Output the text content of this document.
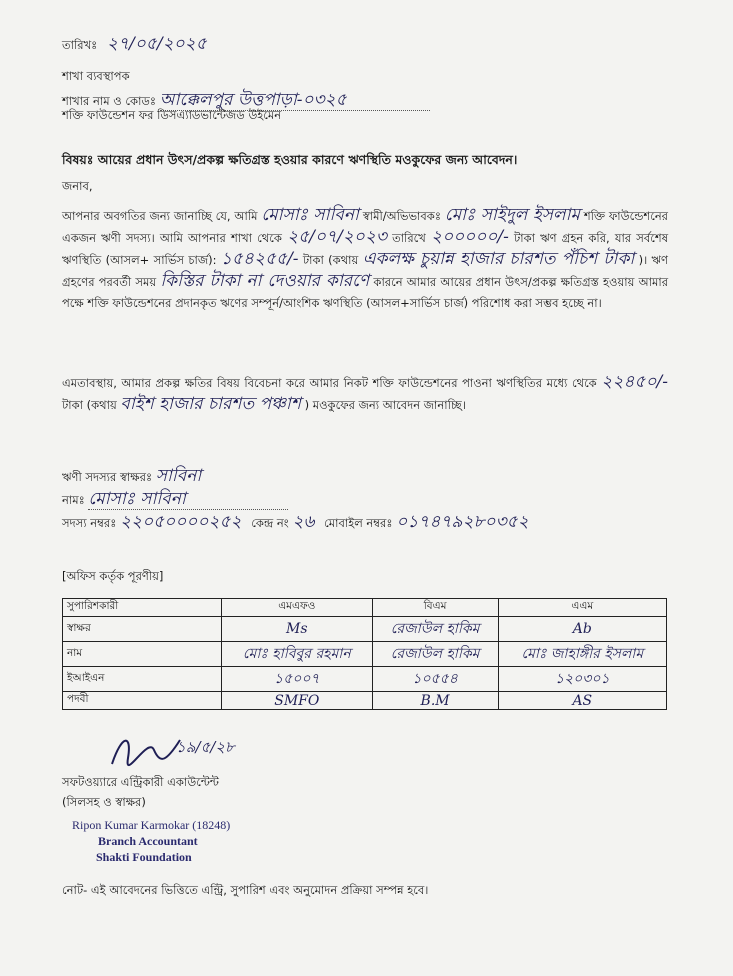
তারিখঃ ২৭/০৫/২০২৫
শাখা ব্যবস্থাপক
শাখার নাম ও কোডঃ আক্কেলপুর উত্তপাড়া-০৩২৫
শক্তি ফাউন্ডেশন ফর ডিসএ্যাডভান্টেজড উইমেন
বিষয়ঃ আয়ের প্রধান উৎস/প্রকল্প ক্ষতিগ্রস্ত হওয়ার কারণে ঋণস্থিতি মওকুফের জন্য আবেদন।
জনাব,
আপনার অবগতির জন্য জানাচ্ছি যে, আমি মোসাঃ সাবিনা স্বামী/অভিভাবকঃ মোঃ সাইদুল ইসলাম শক্তি ফাউন্ডেশনের একজন ঋণী সদস্য। আমি আপনার শাখা থেকে ২৫/০৭/২০২৩ তারিখে ২০০০০০/- টাকা ঋণ গ্রহন করি, যার সর্বশেষ ঋণস্থিতি (আসল+ সার্ভিস চার্জ): ১৫৪২৫৫/- টাকা (কথায় একলক্ষ চুয়ান্ন হাজার চারশত পঁচিশ টাকা )। ঋণ গ্রহণের পরবর্তী সময় কিস্তির টাকা না দেওয়ার কারণে কারনে আমার আয়ের প্রধান উৎস/প্রকল্প ক্ষতিগ্রস্ত হওয়ায় আমার পক্ষে শক্তি ফাউন্ডেশনের প্রদানকৃত ঋণের সম্পূর্ন/আংশিক ঋণস্থিতি (আসল+সার্ভিস চার্জ) পরিশোধ করা সম্ভব হচ্ছে না।
এমতাবস্থায়, আমার প্রকল্প ক্ষতির বিষয় বিবেচনা করে আমার নিকট শক্তি ফাউন্ডেশনের পাওনা ঋণস্থিতির মধ্যে থেকে ২২৪৫০/- টাকা (কথায় বাইশ হাজার চারশত পঞ্চাশ ) মওকুফের জন্য আবেদন জানাচ্ছি।
ঋণী সদস্যর স্বাক্ষরঃ সাবিনা
নামঃ মোসাঃ সাবিনা
সদস্য নম্বরঃ ২২০৫০০০০২৫২ কেন্দ্র নং ২৬ মোবাইল নম্বরঃ ০১৭৪৭৯২৮০৩৫২
[অফিস কর্তৃক পূরণীয়]
সুপারিশকারী	এমএফও	বিএম	এএম
স্বাক্ষর	Ms	রেজাউল হাকিম	Ab
নাম	মোঃ হাবিবুর রহমান	রেজাউল হাকিম	মোঃ জাহাঙ্গীর ইসলাম
ইআইএন	১৫০০৭	১০৫৫৪	১২০৩০১
পদবী	SMFO	B.M	AS
১৯/৫/২৮
সফটওয়্যারে এন্ট্রিকারী একাউন্টেন্ট
(সিলসহ ও স্বাক্ষর)
Ripon Kumar Karmokar (18248)
Branch Accountant
Shakti Foundation
নোট- এই আবেদনের ভিত্তিতে এন্ট্রি, সুপারিশ এবং অনুমোদন প্রক্রিয়া সম্পন্ন হবে।
